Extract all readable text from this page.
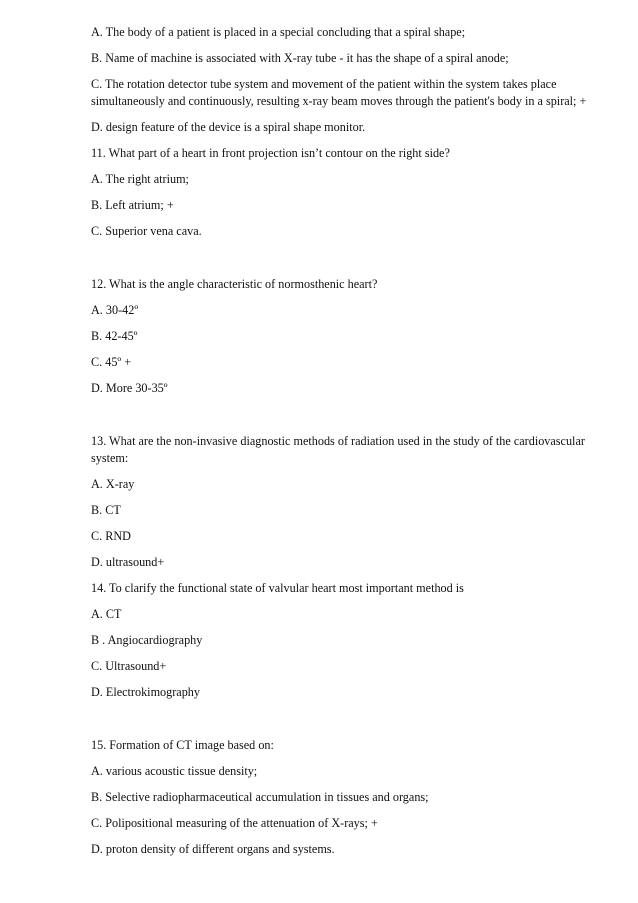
A. The body of a patient is placed in a special concluding that a spiral shape;
B. Name of machine is associated with X-ray tube - it has the shape of a spiral anode;
C. The rotation detector tube system and movement of the patient within the system takes place
simultaneously and continuously, resulting x-ray beam moves through the patient's body in a spiral; +
D. design feature of the device is a spiral shape monitor.
11. What part of a heart in front projection isn’t contour on the right side?
A. The right atrium;
B. Left atrium; +
C. Superior vena cava.
12. What is the angle characteristic of normosthenic heart?
A. 30-42º
B. 42-45º
C. 45º +
D. More 30-35º
13. What are the non-invasive diagnostic methods of radiation used in the study of the cardiovascular
system:
A. X-ray
B. CT
C. RND
D. ultrasound+
14. To clarify the functional state of valvular heart most important method is
A. CT
B . Angiocardiography
C. Ultrasound+
D. Electrokimography
15. Formation of CT image based on:
A. various acoustic tissue density;
B. Selective radiopharmaceutical accumulation in tissues and organs;
C. Polipositional measuring of the attenuation of X-rays; +
D. proton density of different organs and systems.
